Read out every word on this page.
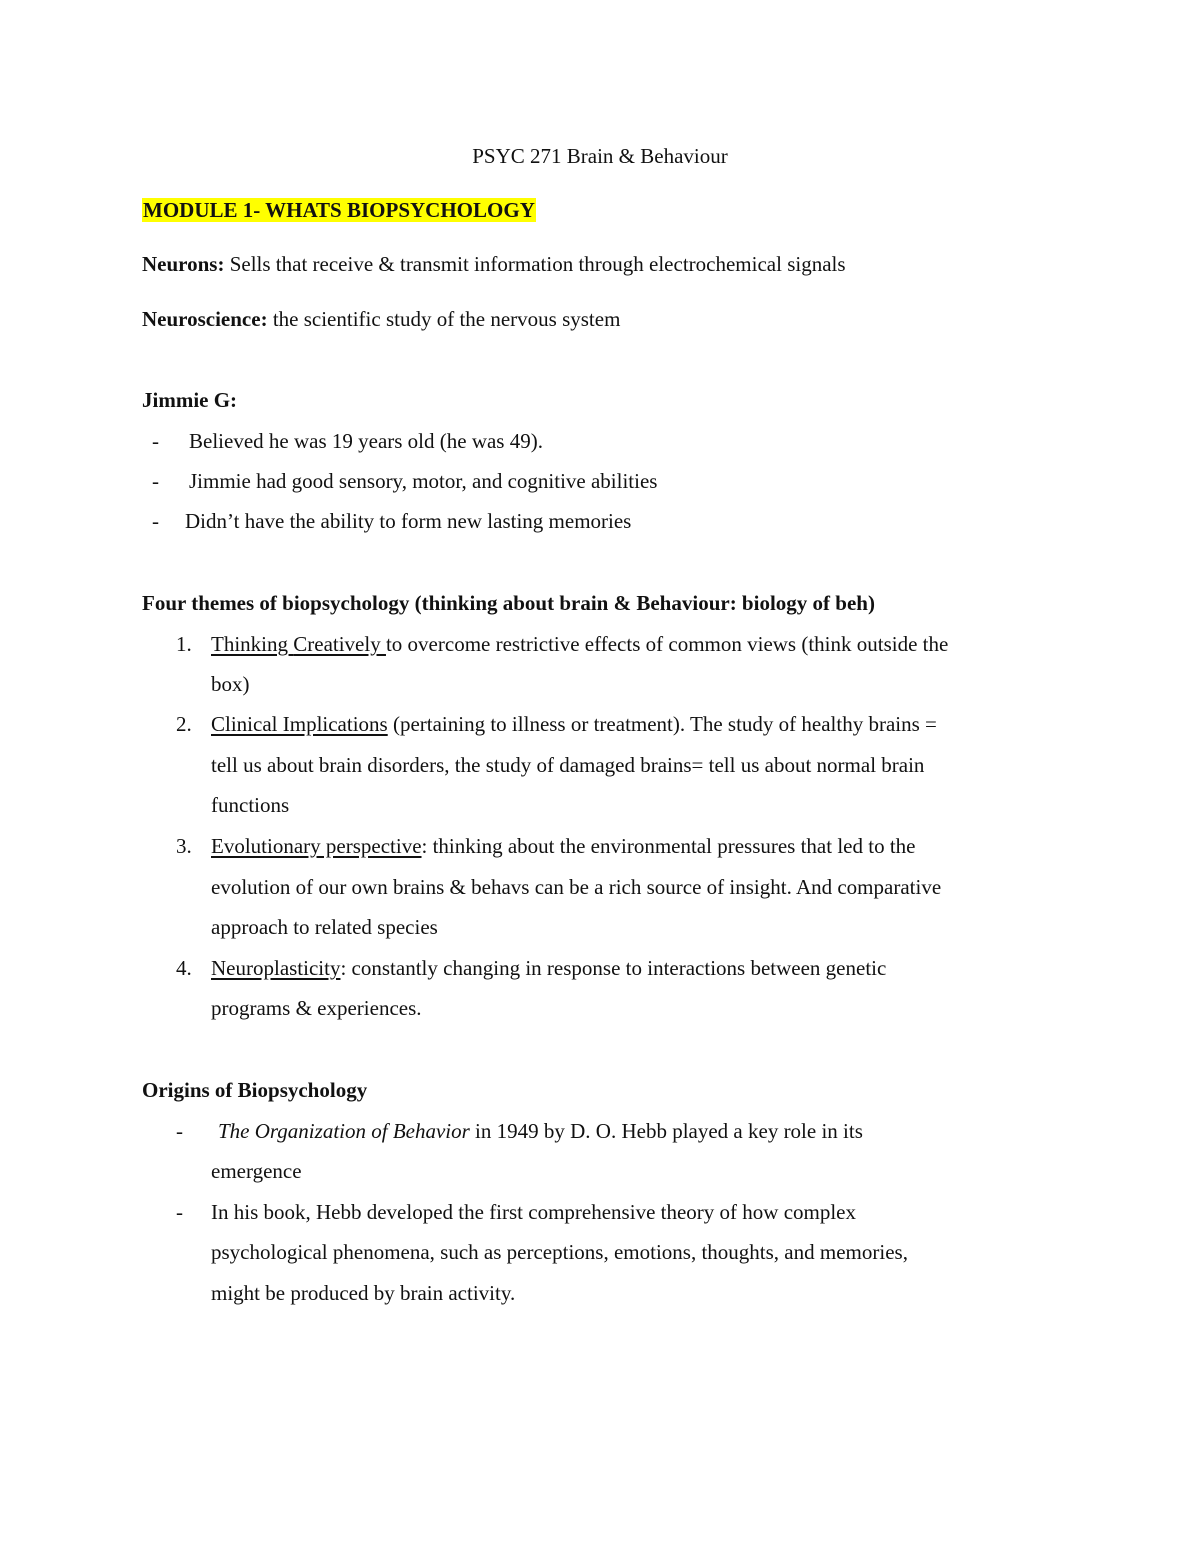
PSYC 271 Brain & Behaviour
MODULE 1- WHATS BIOPSYCHOLOGY
Neurons: Sells that receive & transmit information through electrochemical signals
Neuroscience: the scientific study of the nervous system
Jimmie G:
- Believed he was 19 years old (he was 49).
- Jimmie had good sensory, motor, and cognitive abilities
- Didn’t have the ability to form new lasting memories
Four themes of biopsychology (thinking about brain & Behaviour: biology of beh)
1. Thinking Creatively to overcome restrictive effects of common views (think outside the
box)
2. Clinical Implications (pertaining to illness or treatment). The study of healthy brains =
tell us about brain disorders, the study of damaged brains= tell us about normal brain
functions
3. Evolutionary perspective: thinking about the environmental pressures that led to the
evolution of our own brains & behavs can be a rich source of insight. And comparative
approach to related species
4. Neuroplasticity: constantly changing in response to interactions between genetic
programs & experiences.
Origins of Biopsychology
- The Organization of Behavior in 1949 by D. O. Hebb played a key role in its
emergence
- In his book, Hebb developed the first comprehensive theory of how complex
psychological phenomena, such as perceptions, emotions, thoughts, and memories,
might be produced by brain activity.
